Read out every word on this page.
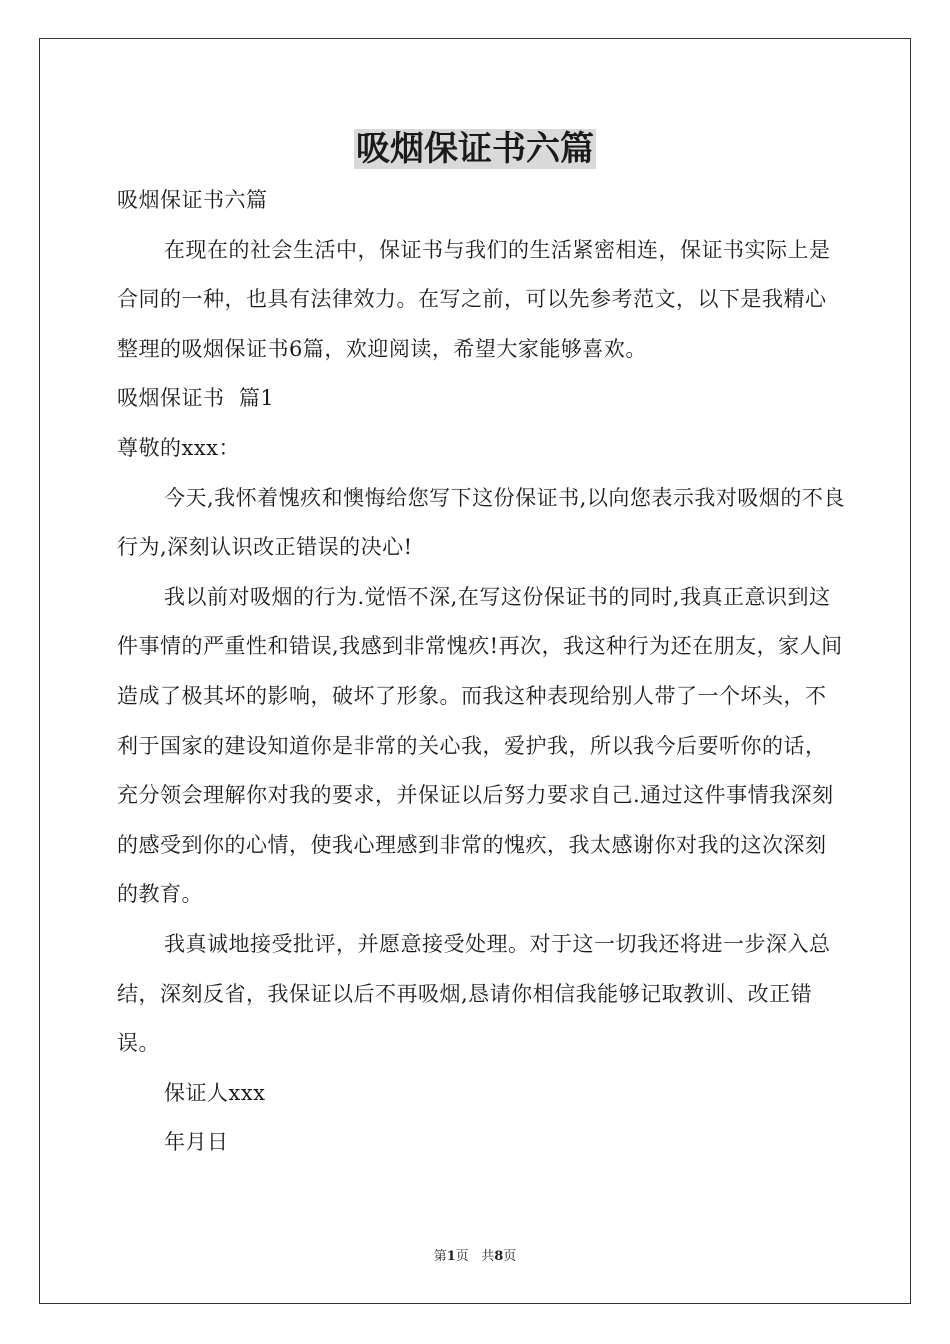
吸烟保证书六篇

吸烟保证书六篇

在现在的社会生活中，保证书与我们的生活紧密相连，保证书实际上是合同的一种，也具有法律效力。在写之前，可以先参考范文，以下是我精心整理的吸烟保证书6篇，欢迎阅读，希望大家能够喜欢。

吸烟保证书  篇1

尊敬的xxx：

今天,我怀着愧疚和懊悔给您写下这份保证书,以向您表示我对吸烟的不良行为,深刻认识改正错误的决心!

我以前对吸烟的行为.觉悟不深,在写这份保证书的同时,我真正意识到这件事情的严重性和错误,我感到非常愧疚!再次，我这种行为还在朋友，家人间造成了极其坏的影响，破坏了形象。而我这种表现给别人带了一个坏头，不利于国家的建设知道你是非常的关心我，爱护我，所以我今后要听你的话，充分领会理解你对我的要求，并保证以后努力要求自己.通过这件事情我深刻的感受到你的心情，使我心理感到非常的愧疚，我太感谢你对我的这次深刻的教育。

我真诚地接受批评，并愿意接受处理。对于这一切我还将进一步深入总结，深刻反省，我保证以后不再吸烟,恳请你相信我能够记取教训、改正错误。

保证人xxx

年月日

第1页 共8页
